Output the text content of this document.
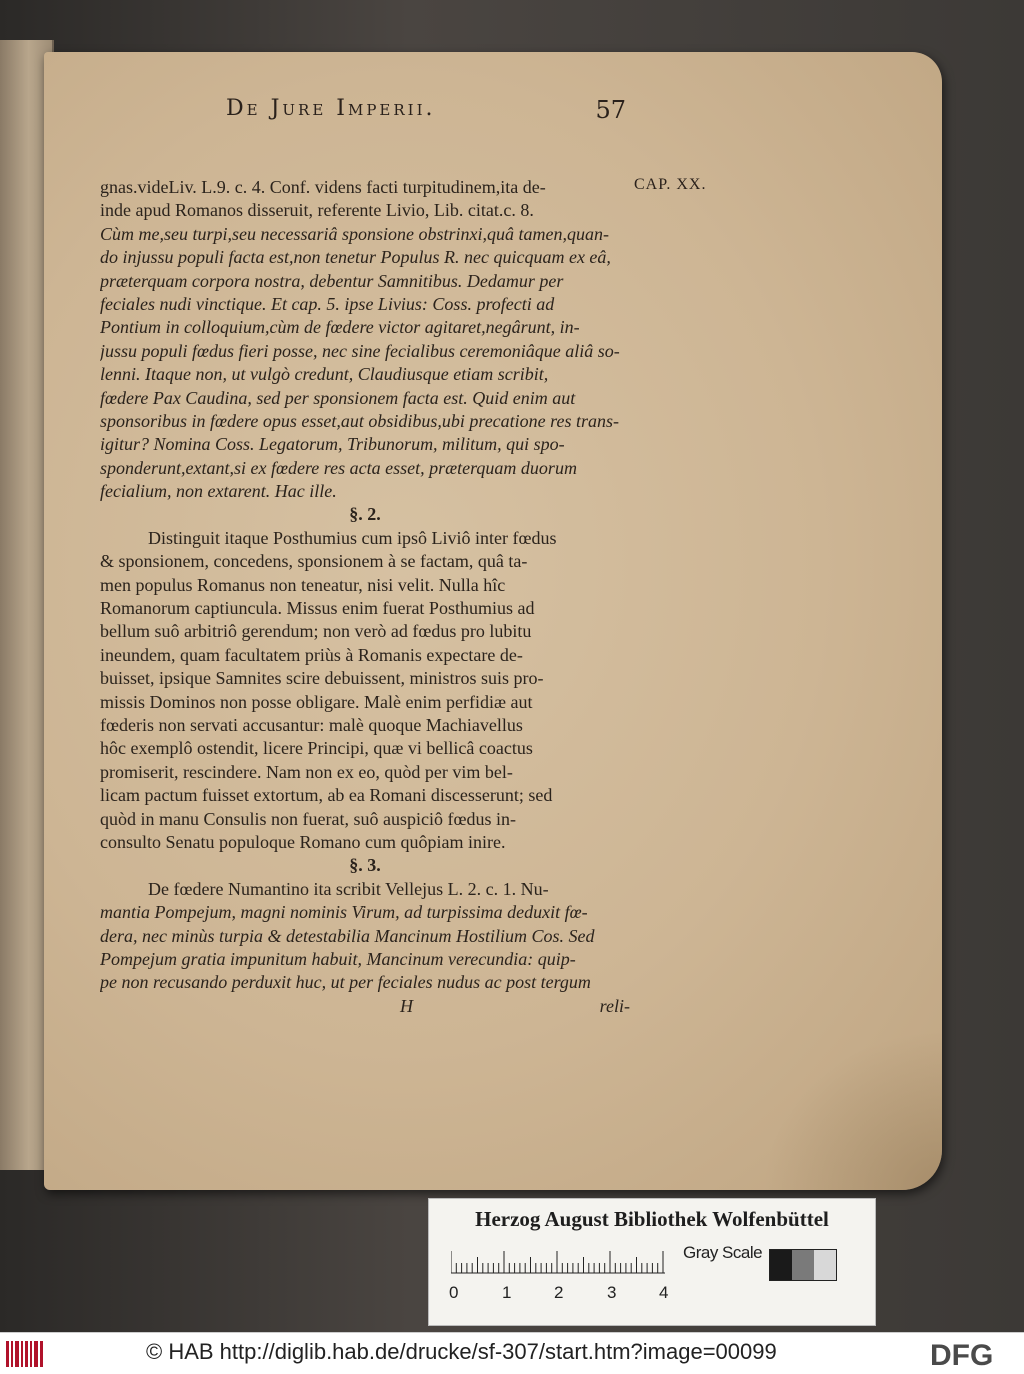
De Jure Imperii.	57
CAP. XX.
gnas.videLiv. L.9. c. 4. Conf. videns facti turpitudinem,ita de-
inde apud Romanos disseruit, referente Livio, Lib. citat.c. 8.
Cùm me,seu turpi,seu necessariâ sponsione obstrinxi,quâ tamen,quan-
do injussu populi facta est,non tenetur Populus R. nec quicquam ex eâ,
præterquam corpora nostra, debentur Samnitibus. Dedamur per
feciales nudi vinctique. Et cap. 5. ipse Livius: Coss. profecti ad
Pontium in colloquium,cùm de fœdere victor agitaret,negârunt, in-
jussu populi fœdus fieri posse, nec sine fecialibus ceremoniâque aliâ so-
lenni. Itaque non, ut vulgò credunt, Claudiusque etiam scribit,
fœdere Pax Caudina, sed per sponsionem facta est. Quid enim aut
sponsoribus in fœdere opus esset,aut obsidibus,ubi precatione res trans-
igitur? Nomina Coss. Legatorum, Tribunorum, militum, qui spo-
sponderunt,extant,si ex fœdere res acta esset, præterquam duorum
fecialium, non extarent. Hac ille.
§. 2.
Distinguit itaque Posthumius cum ipsô Liviô inter fœdus
& sponsionem, concedens, sponsionem à se factam, quâ ta-
men populus Romanus non teneatur, nisi velit. Nulla hîc
Romanorum captiuncula. Missus enim fuerat Posthumius ad
bellum suô arbitriô gerendum; non verò ad fœdus pro lubitu
ineundem, quam facultatem priùs à Romanis expectare de-
buisset, ipsique Samnites scire debuissent, ministros suis pro-
missis Dominos non posse obligare. Malè enim perfidiæ aut
fœderis non servati accusantur: malè quoque Machiavellus
hôc exemplô ostendit, licere Principi, quæ vi bellicâ coactus
promiserit, rescindere. Nam non ex eo, quòd per vim bel-
licam pactum fuisset extortum, ab ea Romani discesserunt; sed
quòd in manu Consulis non fuerat, suô auspiciô fœdus in-
consulto Senatu populoque Romano cum quôpiam inire.
§. 3.
De fœdere Numantino ita scribit Vellejus L. 2. c. 1. Nu-
mantia Pompejum, magni nominis Virum, ad turpissima deduxit fœ-
dera, nec minùs turpia & detestabilia Mancinum Hostilium Cos. Sed
Pompejum gratia impunitum habuit, Mancinum verecundia: quip-
pe non recusando perduxit huc, ut per feciales nudus ac post tergum
H	reli-
Herzog August Bibliothek Wolfenbüttel
Gray Scale
0	1	2	3	4
© HAB http://diglib.hab.de/drucke/sf-307/start.htm?image=00099	DFG
